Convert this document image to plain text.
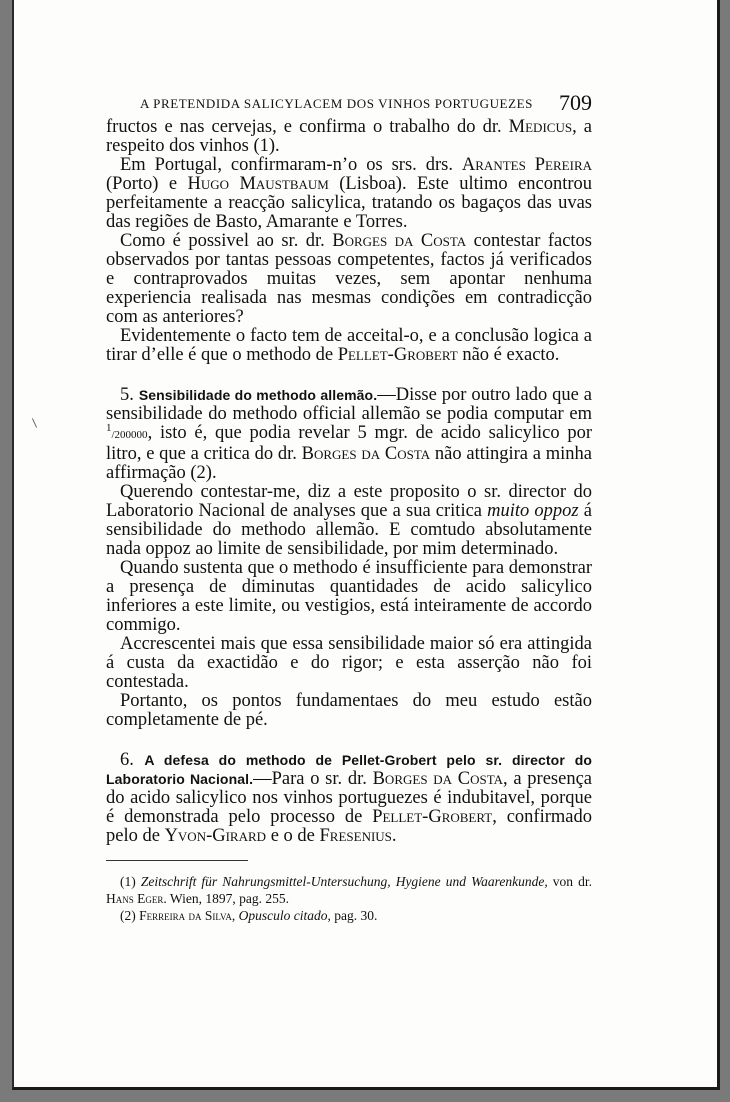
A PRETENDIDA SALICYLACEM DOS VINHOS PORTUGUEZES 709

fructos e nas cervejas, e confirma o trabalho do dr. Medicus, a respeito dos vinhos (1).

Em Portugal, confirmaram-n’o os srs. drs. Arantes Pereira (Porto) e Hugo Maustbaum (Lisboa). Este ultimo encontrou perfeitamente a reacção salicylica, tratando os bagaços das uvas das regiões de Basto, Amarante e Torres.

Como é possivel ao sr. dr. Borges da Costa contestar factos observados por tantas pessoas competentes, factos já verificados e contraprovados muitas vezes, sem apontar nenhuma experiencia realisada nas mesmas condições em contradicção com as anteriores?

Evidentemente o facto tem de acceital-o, e a conclusão logica a tirar d’elle é que o methodo de Pellet-Grobert não é exacto.

5. Sensibilidade do methodo allemão.—Disse por outro lado que a sensibilidade do methodo official allemão se podia computar em $^1$/200000, isto é, que podia revelar 5 mgr. de acido salicylico por litro, e que a critica do dr. Borges da Costa não attingira a minha affirmação (2).

Querendo contestar-me, diz a este proposito o sr. director do Laboratorio Nacional de analyses que a sua critica muito oppoz á sensibilidade do methodo allemão. E comtudo absolutamente nada oppoz ao limite de sensibilidade, por mim determinado.

Quando sustenta que o methodo é insufficiente para demonstrar a presença de diminutas quantidades de acido salicylico inferiores a este limite, ou vestigios, está inteiramente de accordo commigo.

Accrescentei mais que essa sensibilidade maior só era attingida á custa da exactidão e do rigor; e esta asserção não foi contestada.

Portanto, os pontos fundamentaes do meu estudo estão completamente de pé.

6. A defesa do methodo de Pellet-Grobert pelo sr. director do Laboratorio Nacional.—Para o sr. dr. Borges da Costa, a presença do acido salicylico nos vinhos portuguezes é indubitavel, porque é demonstrada pelo processo de Pellet-Grobert, confirmado pelo de Yvon-Girard e o de Fresenius.

(1) Zeitschrift für Nahrungsmittel-Untersuchung, Hygiene und Waarenkunde, von dr. Hans Eger. Wien, 1897, pag. 255.

(2) Ferreira da Silva, Opusculo citado, pag. 30.
